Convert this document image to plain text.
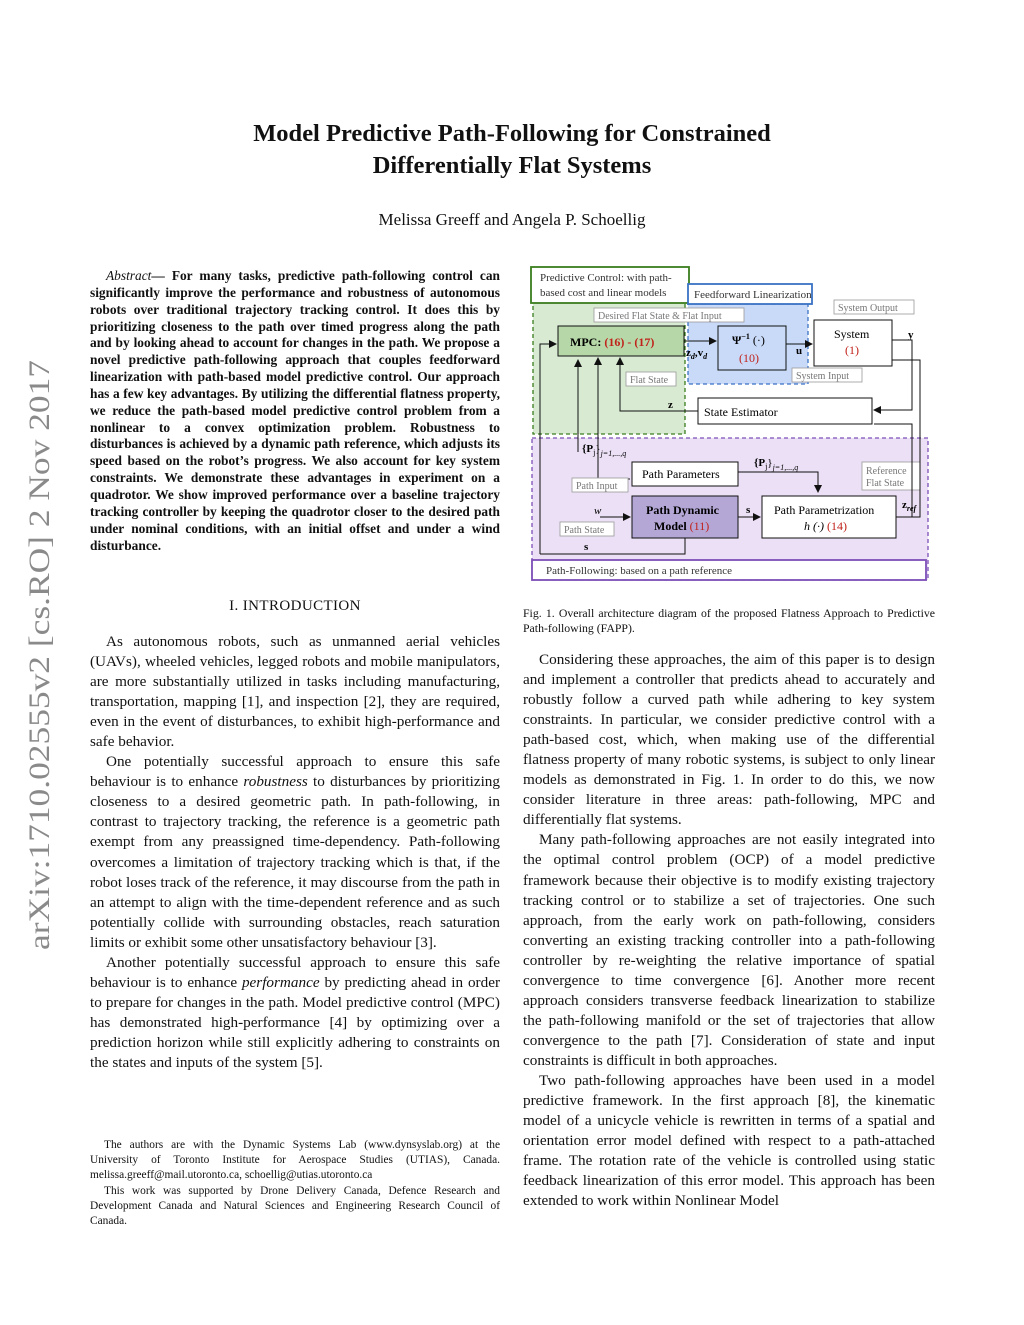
arXiv:1710.02555v2 [cs.RO] 2 Nov 2017
Model Predictive Path-Following for Constrained
Differentially Flat Systems
Melissa Greeff and Angela P. Schoellig
Abstract— For many tasks, predictive path-following control can significantly improve the performance and robustness of autonomous robots over traditional trajectory tracking control. It does this by prioritizing closeness to the path over timed progress along the path and by looking ahead to account for changes in the path. We propose a novel predictive path-following approach that couples feedforward linearization with path-based model predictive control. Our approach has a few key advantages. By utilizing the differential flatness property, we reduce the path-based model predictive control problem from a nonlinear to a convex optimization problem. Robustness to disturbances is achieved by a dynamic path reference, which adjusts its speed based on the robot’s progress. We also account for key system constraints. We demonstrate these advantages in experiment on a quadrotor. We show improved performance over a baseline trajectory tracking controller by keeping the quadrotor closer to the desired path under nominal conditions, with an initial offset and under a wind disturbance.
I. INTRODUCTION

As autonomous robots, such as unmanned aerial vehicles (UAVs), wheeled vehicles, legged robots and mobile manipulators, are more substantially utilized in tasks including manufacturing, transportation, mapping [1], and inspection [2], they are required, even in the event of disturbances, to exhibit high-performance and safe behavior.

One potentially successful approach to ensure this safe behaviour is to enhance robustness to disturbances by prioritizing closeness to a desired geometric path. In path-following, in contrast to trajectory tracking, the reference is a geometric path exempt from any preassigned time-dependency. Path-following overcomes a limitation of trajectory tracking which is that, if the robot loses track of the reference, it may discourse from the path in an attempt to align with the time-dependent reference and as such potentially collide with surrounding obstacles, reach saturation limits or exhibit some other unsatisfactory behaviour [3].

Another potentially successful approach to ensure this safe behaviour is to enhance performance by predicting ahead in order to prepare for changes in the path. Model predictive control (MPC) has demonstrated high-performance [4] by optimizing over a prediction horizon while still explicitly adhering to constraints on the states and inputs of the system [5].

The authors are with the Dynamic Systems Lab (www.dynsyslab.org) at the University of Toronto Institute for Aerospace Studies (UTIAS), Canada. melissa.greeff@mail.utoronto.ca, schoellig@utias.utoronto.ca

This work was supported by Drone Delivery Canada, Defence Research and Development Canada and Natural Sciences and Engineering Research Council of Canada.

Predictive Control: with path-
based cost and linear models	Feedforward Linearization
Path-Following: based on a path reference
MPC: (16) - (17)
Desired Flat State & Flat Input
$\Psi^{-1}$ (·)
(10)
$z_d,v_d$
System
(1)
System Output
u
y
System Input
State Estimator
Flat State
z
$\{P_j\}_{j=1,...,q}$
Path Parameters
$\{P_j\}_{j=1,...,q}$	Reference
Flat State
Path Input
w	Path Dynamic
Model (11)
s Path Parametrization
h (·) (14)
$z_{ref}$
Path State
s
Fig. 1. Overall architecture diagram of the proposed Flatness Approach to Predictive Path-following (FAPP).

Considering these approaches, the aim of this paper is to design and implement a controller that predicts ahead to accurately and robustly follow a curved path while adhering to key system constraints. In particular, we consider predictive control with a path-based cost, which, when making use of the differential flatness property of many robotic systems, is subject to only linear models as demonstrated in Fig. 1. In order to do this, we now consider literature in three areas: path-following, MPC and differentially flat systems.

Many path-following approaches are not easily integrated into the optimal control problem (OCP) of a model predictive framework because their objective is to modify existing trajectory tracking control or to stabilize a set of trajectories. One such approach, from the early work on path-following, considers converting an existing tracking controller into a path-following controller by re-weighting the relative importance of spatial convergence to time convergence [6]. Another more recent approach considers transverse feedback linearization to stabilize the path-following manifold or the set of trajectories that allow convergence to the path [7]. Consideration of state and input constraints is difficult in both approaches.

Two path-following approaches have been used in a model predictive framework. In the first approach [8], the kinematic model of a unicycle vehicle is rewritten in terms of a spatial and orientation error model defined with respect to a path-attached frame. The rotation rate of the vehicle is controlled using static feedback linearization of this error model. This approach has been extended to work within Nonlinear Model
